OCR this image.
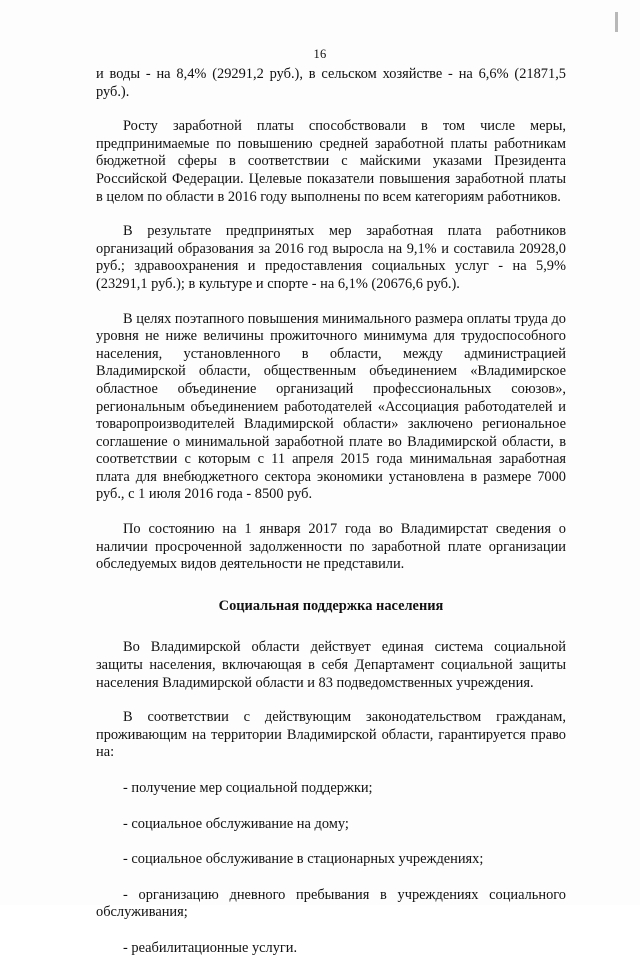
16

и воды - на 8,4% (29291,2 руб.), в сельском хозяйстве - на 6,6% (21871,5 руб.).

Росту заработной платы способствовали в том числе меры, предпринимаемые по повышению средней заработной платы работникам бюджетной сферы в соответствии с майскими указами Президента Российской Федерации. Целевые показатели повышения заработной платы в целом по области в 2016 году выполнены по всем категориям работников.

В результате предпринятых мер заработная плата работников организаций образования за 2016 год выросла на 9,1% и составила 20928,0 руб.; здравоохранения и предоставления социальных услуг - на 5,9% (23291,1 руб.); в культуре и спорте - на 6,1% (20676,6 руб.).

В целях поэтапного повышения минимального размера оплаты труда до уровня не ниже величины прожиточного минимума для трудоспособного населения, установленного в области, между администрацией Владимирской области, общественным объединением «Владимирское областное объединение организаций профессиональных союзов», региональным объединением работодателей «Ассоциация работодателей и товаропроизводителей Владимирской области» заключено региональное соглашение о минимальной заработной плате во Владимирской области, в соответствии с которым с 11 апреля 2015 года минимальная заработная плата для внебюджетного сектора экономики установлена в размере 7000 руб., с 1 июля 2016 года - 8500 руб.

По состоянию на 1 января 2017 года во Владимирстат сведения о наличии просроченной задолженности по заработной плате организации обследуемых видов деятельности не представили.

Социальная поддержка населения

Во Владимирской области действует единая система социальной защиты населения, включающая в себя Департамент социальной защиты населения Владимирской области и 83 подведомственных учреждения.

В соответствии с действующим законодательством гражданам, проживающим на территории Владимирской области, гарантируется право на:

- получение мер социальной поддержки;

- социальное обслуживание на дому;

- социальное обслуживание в стационарных учреждениях;

- организацию дневного пребывания в учреждениях социального обслуживания;

- реабилитационные услуги.
